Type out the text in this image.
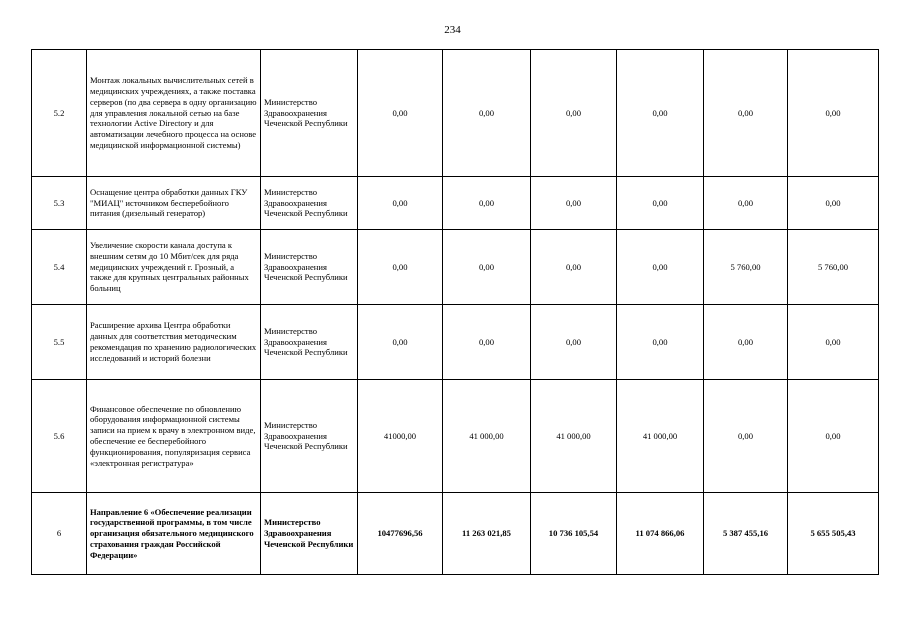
234
5.2	Монтаж локальных вычислительных сетей в медицинских учреждениях, а также поставка серверов (по два сервера в одну организацию для управления локальной сетью на базе технологии Active Directory и для автоматизации лечебного процесса на основе медицинской информационной системы)	Министерство Здравоохранения Чеченской Республики	0,00	0,00	0,00	0,00	0,00	0,00
5.3	Оснащение центра обработки данных ГКУ "МИАЦ" источником бесперебойного питания (дизельный генератор)	Министерство Здравоохранения Чеченской Республики	0,00	0,00	0,00	0,00	0,00	0,00
5.4	Увеличение скорости канала доступа к внешним сетям до 10 Мбит/сек для ряда медицинских учреждений г. Грозный, а также для крупных центральных районных больниц	Министерство Здравоохранения Чеченской Республики	0,00	0,00	0,00	0,00	5 760,00	5 760,00
5.5	Расширение архива Центра обработки данных для соответствия методическим рекомендация по хранению радиологических исследований и историй болезни	Министерство Здравоохранения Чеченской Республики	0,00	0,00	0,00	0,00	0,00	0,00
5.6	Финансовое обеспечение по обновлению оборудования информационной системы записи на прием к врачу в электронном виде, обеспечение ее бесперебойного функционирования, популяризация сервиса «электронная регистратура»	Министерство Здравоохранения Чеченской Республики	41000,00	41 000,00	41 000,00	41 000,00	0,00	0,00
6	Направление 6 «Обеспечение реализации государственной программы, в том числе организация обязательного медицинского страхования граждан Российской Федерации»	Министерство Здравоохранения Чеченской Республики	10477696,56	11 263 021,85	10 736 105,54	11 074 866,06	5 387 455,16	5 655 505,43
